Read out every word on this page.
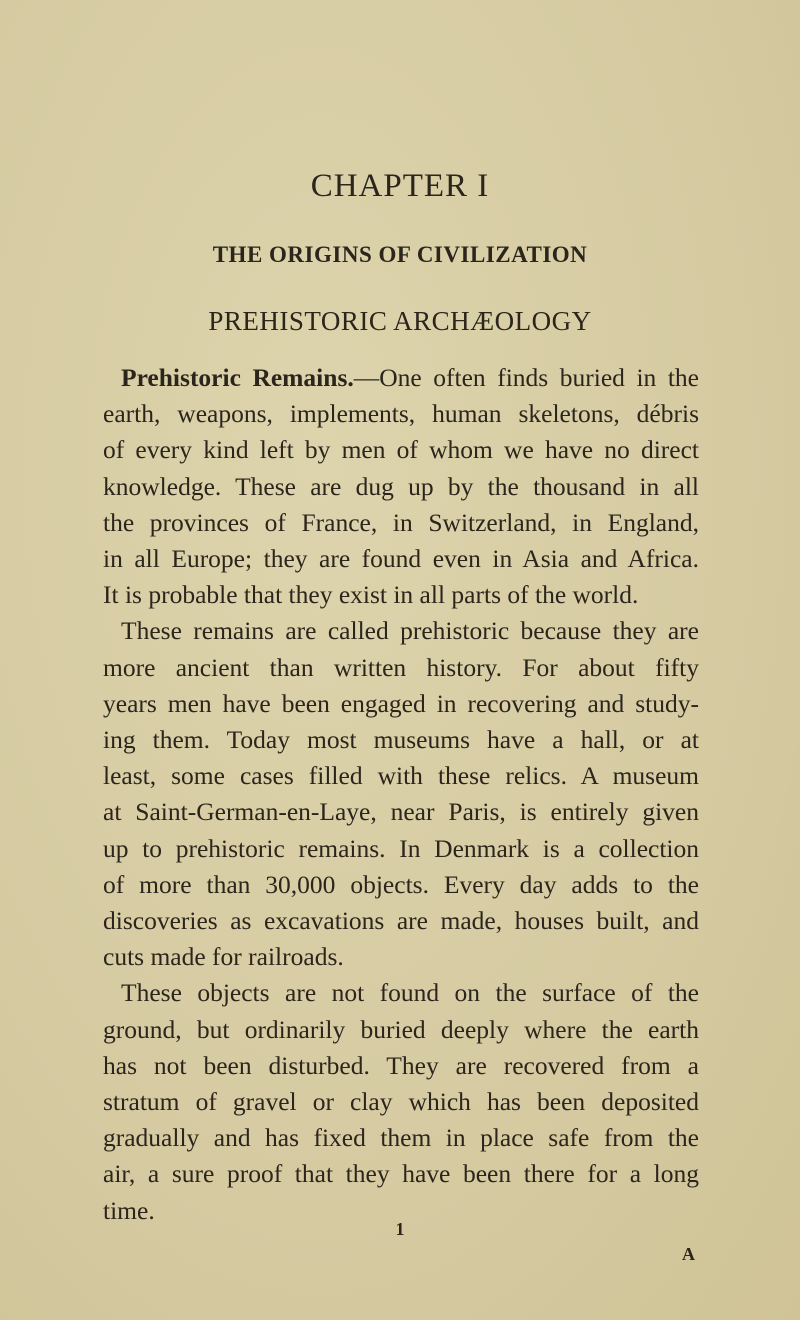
CHAPTER I
THE ORIGINS OF CIVILIZATION
PREHISTORIC ARCHÆOLOGY
Prehistoric Remains.—One often finds buried in the
earth, weapons, implements, human skeletons, débris
of every kind left by men of whom we have no direct
knowledge. These are dug up by the thousand in all
the provinces of France, in Switzerland, in England,
in all Europe; they are found even in Asia and Africa.
It is probable that they exist in all parts of the world.
These remains are called prehistoric because they are
more ancient than written history. For about fifty
years men have been engaged in recovering and study-
ing them. Today most museums have a hall, or at
least, some cases filled with these relics. A museum
at Saint-German-en-Laye, near Paris, is entirely given
up to prehistoric remains. In Denmark is a collection
of more than 30,000 objects. Every day adds to the
discoveries as excavations are made, houses built, and
cuts made for railroads.
These objects are not found on the surface of the
ground, but ordinarily buried deeply where the earth
has not been disturbed. They are recovered from a
stratum of gravel or clay which has been deposited
gradually and has fixed them in place safe from the
air, a sure proof that they have been there for a long
time.
1
A
